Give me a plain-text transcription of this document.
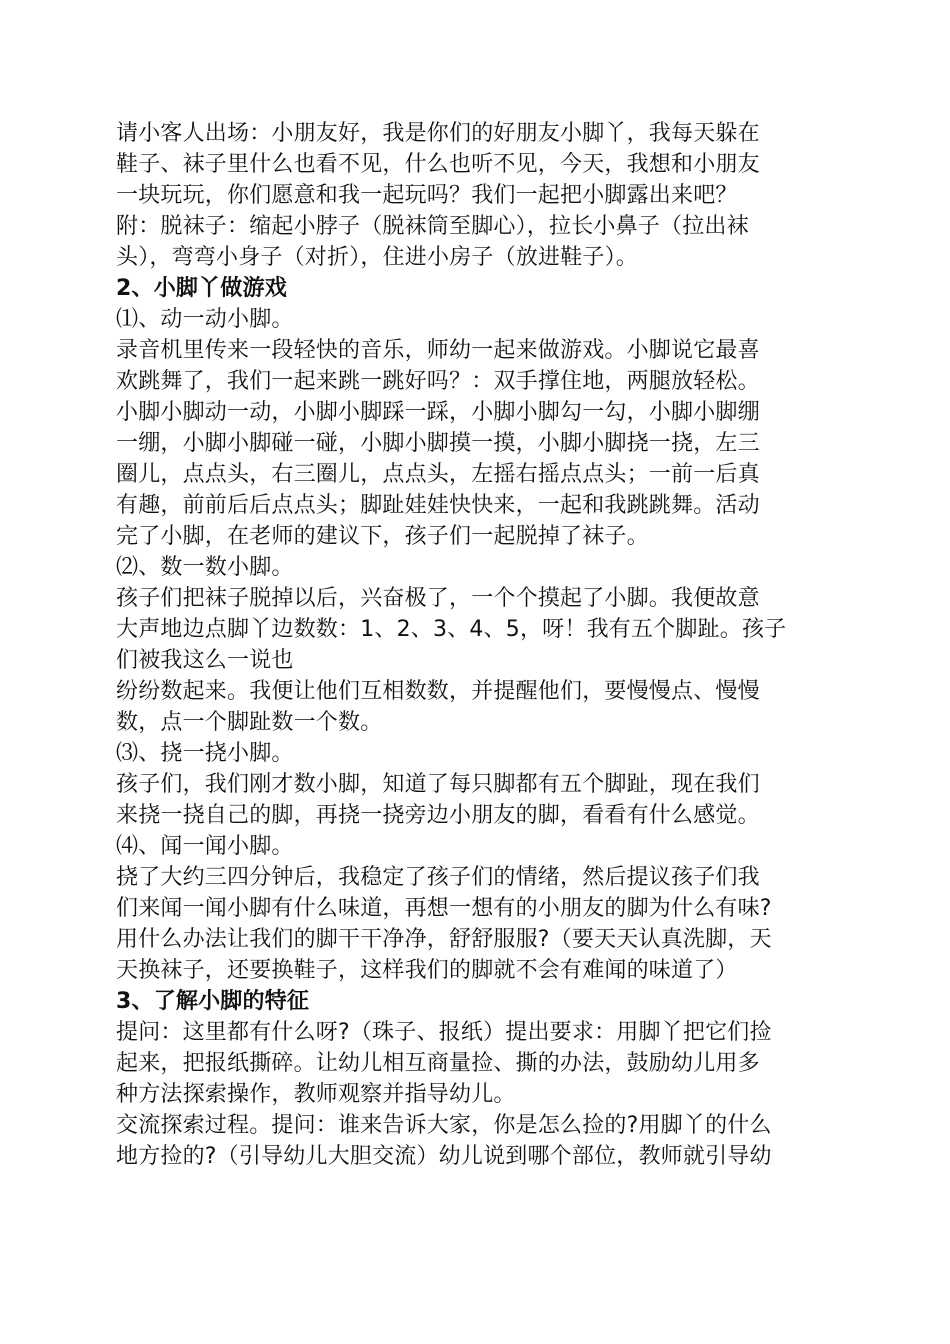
请小客人出场：小朋友好，我是你们的好朋友小脚丫，我每天躲在
鞋子、袜子里什么也看不见，什么也听不见，今天，我想和小朋友
一块玩玩，你们愿意和我一起玩吗？我们一起把小脚露出来吧？
附：脱袜子：缩起小脖子（脱袜筒至脚心），拉长小鼻子（拉出袜
头），弯弯小身子（对折），住进小房子（放进鞋子）。
2、小脚丫做游戏
⑴、动一动小脚。
录音机里传来一段轻快的音乐，师幼一起来做游戏。小脚说它最喜
欢跳舞了，我们一起来跳一跳好吗？：双手撑住地，两腿放轻松。
小脚小脚动一动，小脚小脚踩一踩，小脚小脚勾一勾，小脚小脚绷
一绷，小脚小脚碰一碰，小脚小脚摸一摸，小脚小脚挠一挠，左三
圈儿，点点头，右三圈儿，点点头，左摇右摇点点头；一前一后真
有趣，前前后后点点头；脚趾娃娃快快来，一起和我跳跳舞。活动
完了小脚，在老师的建议下，孩子们一起脱掉了袜子。
⑵、数一数小脚。
孩子们把袜子脱掉以后，兴奋极了，一个个摸起了小脚。我便故意
大声地边点脚丫边数数：1、2、3、4、5，呀！我有五个脚趾。孩子
们被我这么一说也
纷纷数起来。我便让他们互相数数，并提醒他们，要慢慢点、慢慢
数，点一个脚趾数一个数。
⑶、挠一挠小脚。
孩子们，我们刚才数小脚，知道了每只脚都有五个脚趾，现在我们
来挠一挠自己的脚，再挠一挠旁边小朋友的脚，看看有什么感觉。
⑷、闻一闻小脚。
挠了大约三四分钟后，我稳定了孩子们的情绪，然后提议孩子们我
们来闻一闻小脚有什么味道，再想一想有的小朋友的脚为什么有味?
用什么办法让我们的脚干干净净，舒舒服服?（要天天认真洗脚，天
天换袜子，还要换鞋子，这样我们的脚就不会有难闻的味道了）
3、了解小脚的特征
提问：这里都有什么呀?（珠子、报纸）提出要求：用脚丫把它们捡
起来，把报纸撕碎。让幼儿相互商量捡、撕的办法，鼓励幼儿用多
种方法探索操作，教师观察并指导幼儿。
交流探索过程。提问：谁来告诉大家，你是怎么捡的?用脚丫的什么
地方捡的?（引导幼儿大胆交流）幼儿说到哪个部位，教师就引导幼
